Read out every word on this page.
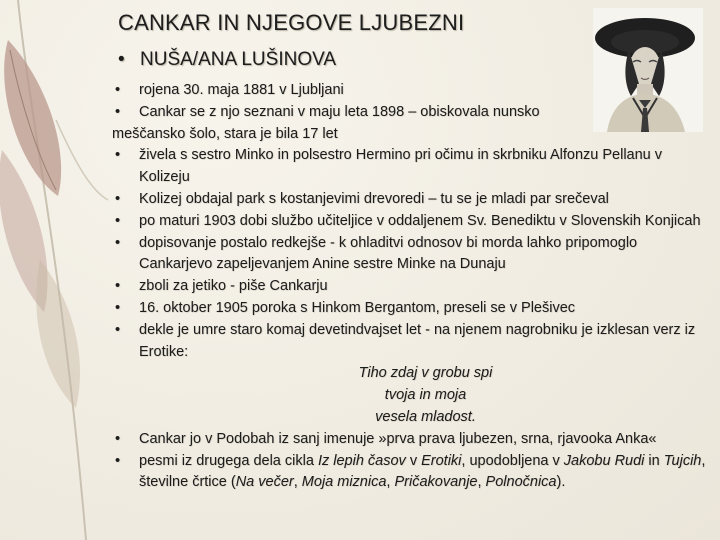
CANKAR IN NJEGOVE LJUBEZNI
• NUŠA/ANA LUŠINOVA
• rojena 30. maja 1881 v Ljubljani
• Cankar se z njo seznani v maju leta 1898 – obiskovala nunsko
meščansko šolo, stara je bila 17 let
• živela s sestro Minko in polsestro Hermino pri očimu in skrbniku Alfonzu Pellanu v Kolizeju
• Kolizej obdajal park s kostanjevimi drevoredi – tu se je mladi par srečeval
• po maturi 1903 dobi službo učiteljice v oddaljenem Sv. Benediktu v Slovenskih Konjicah
• dopisovanje postalo redkejše - k ohladitvi odnosov bi morda lahko pripomoglo Cankarjevo zapeljevanjem Anine sestre Minke na Dunaju
• zboli za jetiko - piše Cankarju
• 16. oktober 1905 poroka s Hinkom Bergantom, preseli se v Plešivec
• dekle je umre staro komaj devetindvajset let - na njenem nagrobniku je izklesan verz iz Erotike:
Tiho zdaj v grobu spi
tvoja in moja
vesela mladost.
• Cankar jo v Podobah iz sanj imenuje »prva prava ljubezen, srna, rjavooka Anka«
• pesmi iz drugega dela cikla Iz lepih časov v Erotiki, upodobljena v Jakobu Rudi in Tujcih, številne črtice (Na večer, Moja miznica, Pričakovanje, Polnočnica).
